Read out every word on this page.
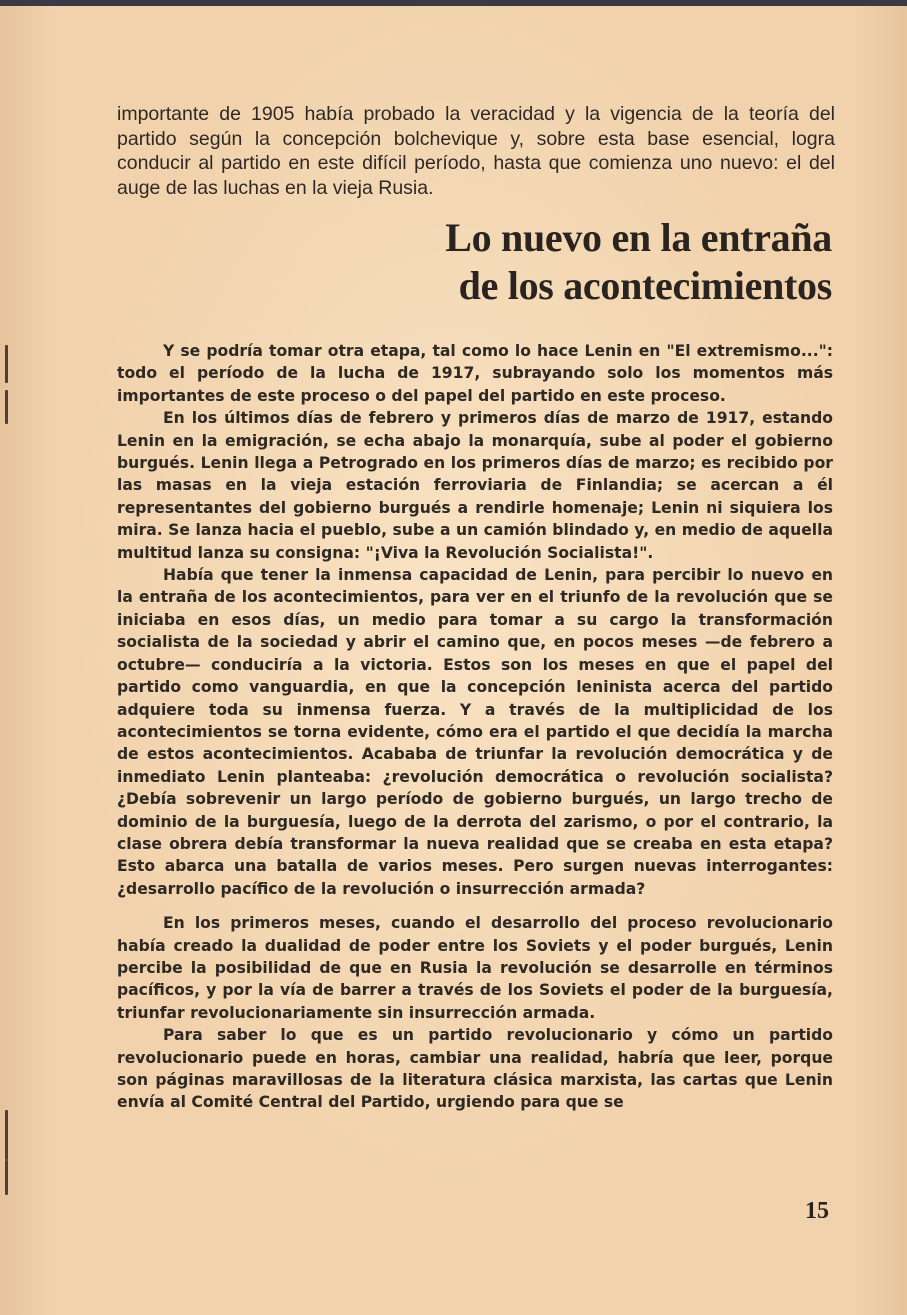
importante de 1905 había probado la veracidad y la vigencia de la teoría del partido según la concepción bolchevique y, sobre esta base esencial, logra conducir al partido en este difícil período, hasta que comienza uno nuevo: el del auge de las luchas en la vieja Rusia.

Lo nuevo en la entraña
de los acontecimientos

Y se podría tomar otra etapa, tal como lo hace Lenin en "El extremismo...": todo el período de la lucha de 1917, subrayando solo los momentos más importantes de este proceso o del papel del partido en este proceso.

En los últimos días de febrero y primeros días de marzo de 1917, estando Lenin en la emigración, se echa abajo la monarquía, sube al poder el gobierno burgués. Lenin llega a Petrogrado en los primeros días de marzo; es recibido por las masas en la vieja estación ferroviaria de Finlandia; se acercan a él representantes del gobierno burgués a rendirle homenaje; Lenin ni siquiera los mira. Se lanza hacia el pueblo, sube a un camión blindado y, en medio de aquella multitud lanza su consigna: "¡Viva la Revolución Socialista!".

Había que tener la inmensa capacidad de Lenin, para percibir lo nuevo en la entraña de los acontecimientos, para ver en el triunfo de la revolución que se iniciaba en esos días, un medio para tomar a su cargo la transformación socialista de la sociedad y abrir el camino que, en pocos meses —de febrero a octubre— conduciría a la victoria. Estos son los meses en que el papel del partido como vanguardia, en que la concepción leninista acerca del partido adquiere toda su inmensa fuerza. Y a través de la multiplicidad de los acontecimientos se torna evidente, cómo era el partido el que decidía la marcha de estos acontecimientos. Acababa de triunfar la revolución democrática y de inmediato Lenin planteaba: ¿revolución democrática o revolución socialista? ¿Debía sobrevenir un largo período de gobierno burgués, un largo trecho de dominio de la burguesía, luego de la derrota del zarismo, o por el contrario, la clase obrera debía transformar la nueva realidad que se creaba en esta etapa? Esto abarca una batalla de varios meses. Pero surgen nuevas interrogantes: ¿desarrollo pacífico de la revolución o insurrección armada?

En los primeros meses, cuando el desarrollo del proceso revolucionario había creado la dualidad de poder entre los Soviets y el poder burgués, Lenin percibe la posibilidad de que en Rusia la revolución se desarrolle en términos pacíficos, y por la vía de barrer a través de los Soviets el poder de la burguesía, triunfar revolucionariamente sin insurrección armada.

Para saber lo que es un partido revolucionario y cómo un partido revolucionario puede en horas, cambiar una realidad, habría que leer, porque son páginas maravillosas de la literatura clásica marxista, las cartas que Lenin envía al Comité Central del Partido, urgiendo para que se

15
